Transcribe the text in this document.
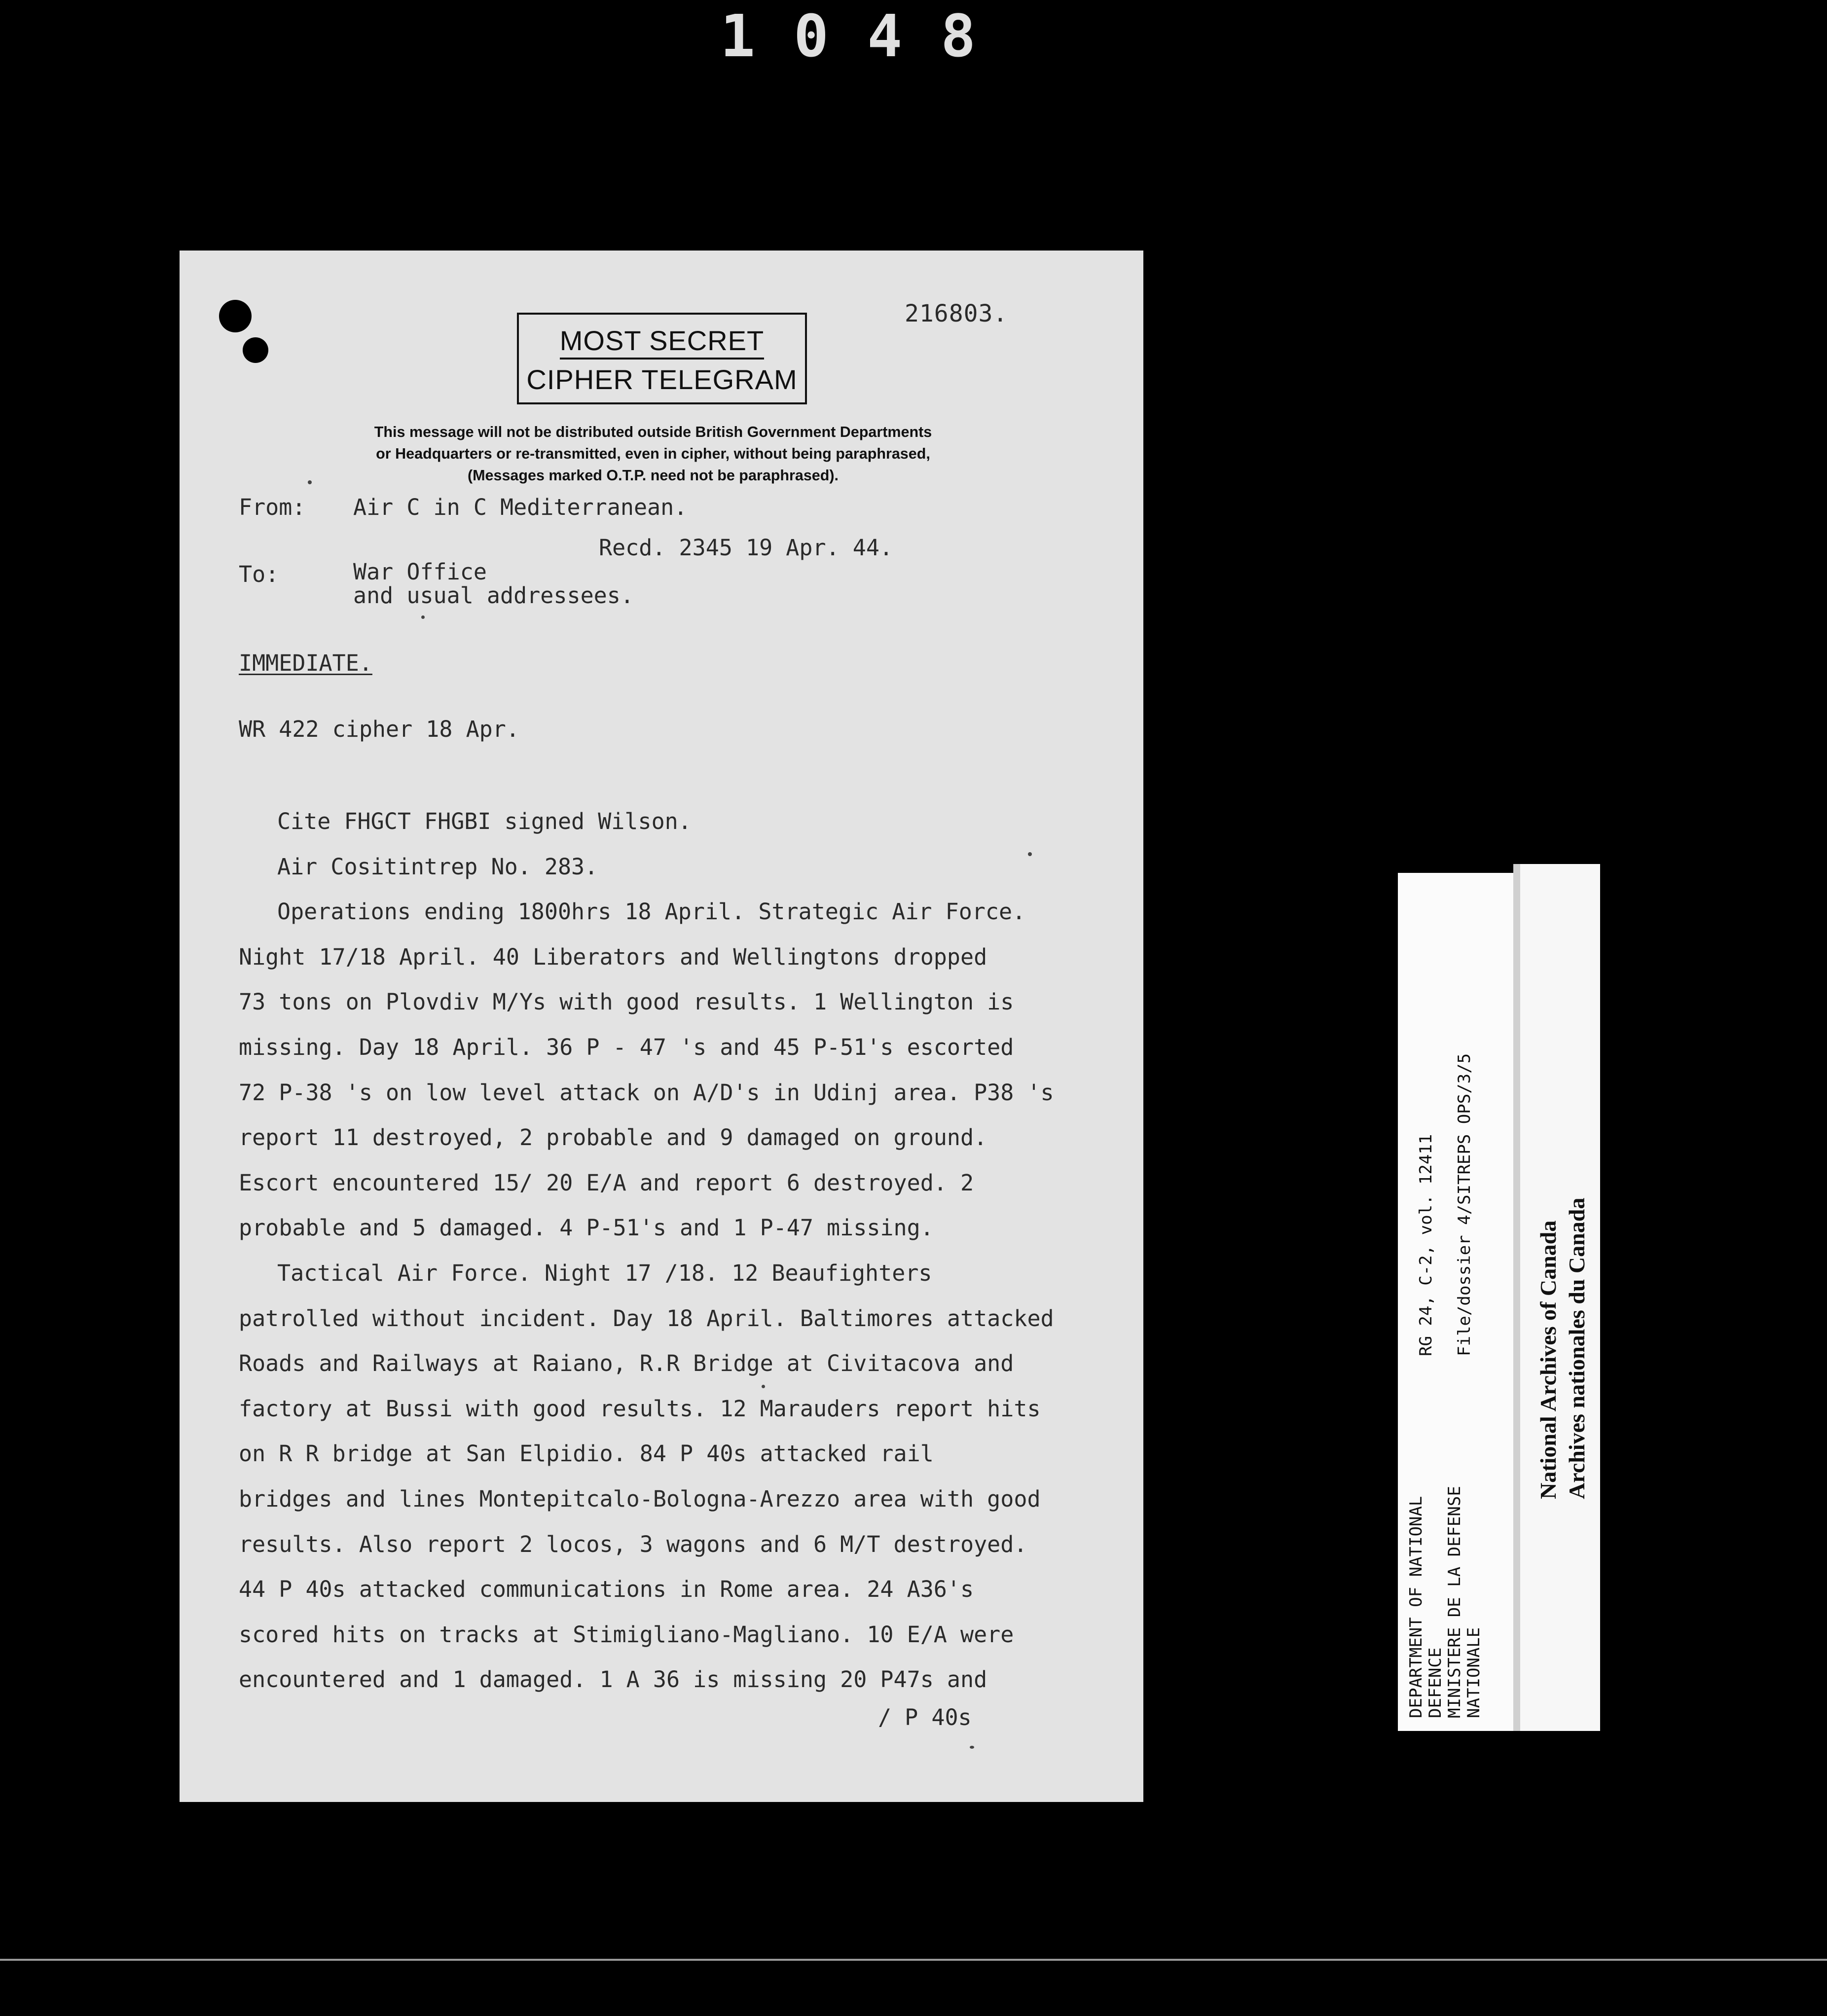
1048
216803.
MOST SECRET
CIPHER TELEGRAM
This message will not be distributed outside British Government Departments
or Headquarters or re-transmitted, even in cipher, without being paraphrased,
(Messages marked O.T.P. need not be paraphrased).
From: Air C in C Mediterranean.
Recd. 2345 19 Apr. 44.
To:	War Office
and usual addressees.
IMMEDIATE.
WR 422 cipher 18 Apr.
Cite FHGCT FHGBI signed Wilson.
Air Cositintrep No. 283.
Operations ending 1800hrs 18 April. Strategic Air Force.
Night 17/18 April. 40 Liberators and Wellingtons dropped
73 tons on Plovdiv M/Ys with good results. 1 Wellington is
missing. Day 18 April. 36 P - 47 's and 45 P-51's escorted
72 P-38 's on low level attack on A/D's in Udinj area. P38 's
report 11 destroyed, 2 probable and 9 damaged on ground.
Escort encountered 15/ 20 E/A and report 6 destroyed. 2
probable and 5 damaged. 4 P-51's and 1 P-47 missing.
Tactical Air Force. Night 17 /18. 12 Beaufighters
patrolled without incident. Day 18 April. Baltimores attacked
Roads and Railways at Raiano, R.R Bridge at Civitacova and
factory at Bussi with good results. 12 Marauders report hits
on R R bridge at San Elpidio. 84 P 40s attacked rail
bridges and lines Montepitcalo-Bologna-Arezzo area with good
results. Also report 2 locos, 3 wagons and 6 M/T destroyed.
44 P 40s attacked communications in Rome area. 24 A36's
scored hits on tracks at Stimigliano-Magliano. 10 E/A were
encountered and 1 damaged. 1 A 36 is missing 20 P47s and
/ P 40s	DEPARTMENT OF NATIONAL DEFENCE MINISTERE DE LA DEFENSE NATIONALE
RG 24, C-2, vol. 12411	File/dossier 4/SITREPS OPS/3/5
National Archives of Canada Archives nationales du Canada
